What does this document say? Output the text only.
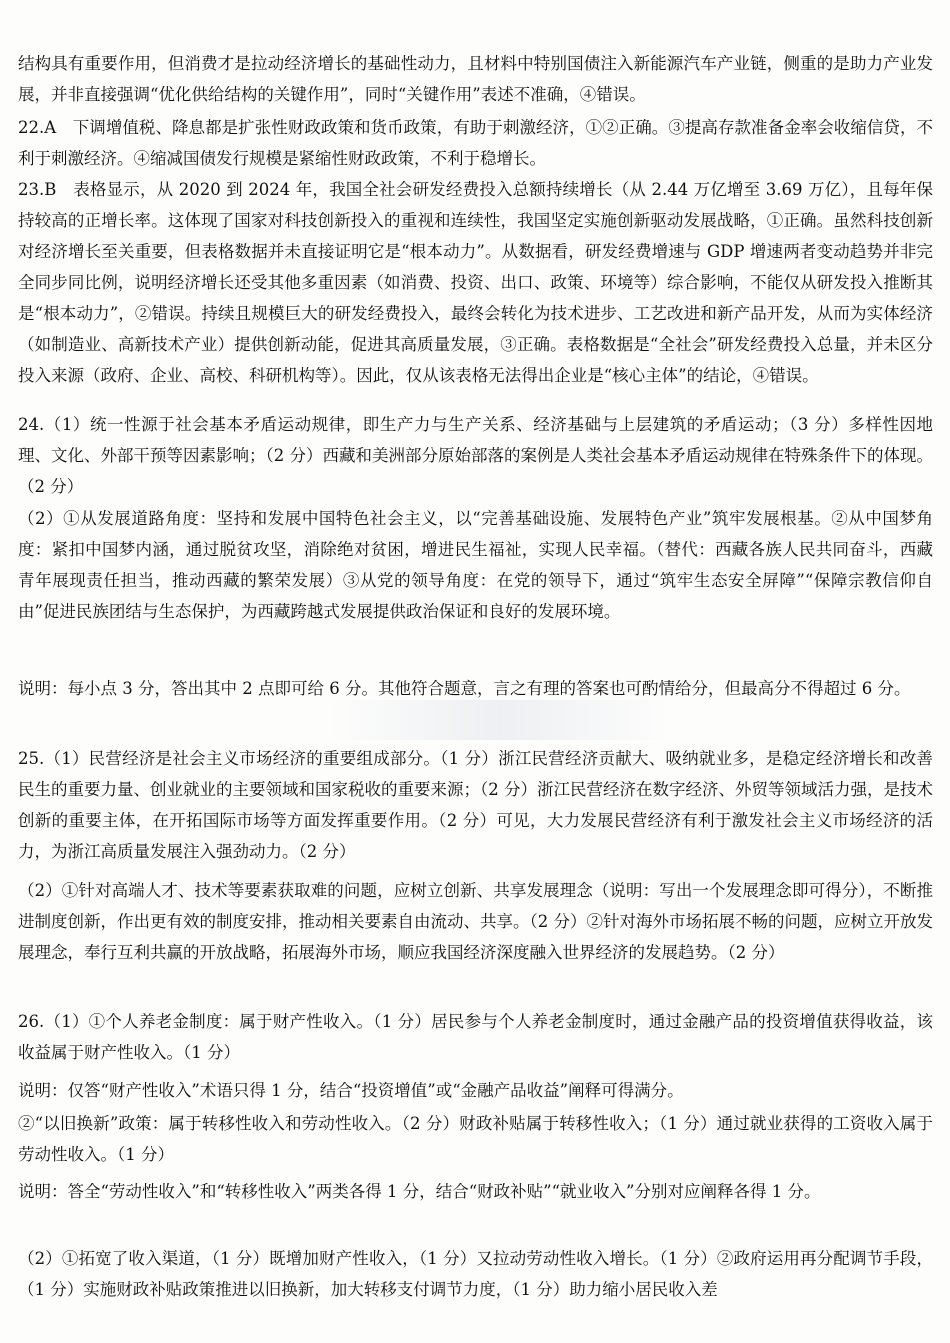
结构具有重要作用，但消费才是拉动经济增长的基础性动力，且材料中特别国债注入新能源汽车产业链，侧重的是助力产业发展，并非直接强调“优化供给结构的关键作用”，同时“关键作用”表述不准确，④错误。

22.A　下调增值税、降息都是扩张性财政政策和货币政策，有助于刺激经济，①②正确。③提高存款准备金率会收缩信贷，不利于刺激经济。④缩减国债发行规模是紧缩性财政政策，不利于稳增长。

23.B　表格显示，从 2020 到 2024 年，我国全社会研发经费投入总额持续增长（从 2.44 万亿增至 3.69 万亿），且每年保持较高的正增长率。这体现了国家对科技创新投入的重视和连续性，我国坚定实施创新驱动发展战略，①正确。虽然科技创新对经济增长至关重要，但表格数据并未直接证明它是“根本动力”。从数据看，研发经费增速与 GDP 增速两者变动趋势并非完全同步同比例，说明经济增长还受其他多重因素（如消费、投资、出口、政策、环境等）综合影响，不能仅从研发投入推断其是“根本动力”，②错误。持续且规模巨大的研发经费投入，最终会转化为技术进步、工艺改进和新产品开发，从而为实体经济（如制造业、高新技术产业）提供创新动能，促进其高质量发展，③正确。表格数据是“全社会”研发经费投入总量，并未区分投入来源（政府、企业、高校、科研机构等）。因此，仅从该表格无法得出企业是“核心主体”的结论，④错误。

24.（1）统一性源于社会基本矛盾运动规律，即生产力与生产关系、经济基础与上层建筑的矛盾运动；（3 分）多样性因地理、文化、外部干预等因素影响；（2 分）西藏和美洲部分原始部落的案例是人类社会基本矛盾运动规律在特殊条件下的体现。（2 分）

（2）①从发展道路角度：坚持和发展中国特色社会主义，以“完善基础设施、发展特色产业”筑牢发展根基。②从中国梦角度：紧扣中国梦内涵，通过脱贫攻坚，消除绝对贫困，增进民生福祉，实现人民幸福。（替代：西藏各族人民共同奋斗，西藏青年展现责任担当，推动西藏的繁荣发展）③从党的领导角度：在党的领导下，通过“筑牢生态安全屏障”“保障宗教信仰自由”促进民族团结与生态保护，为西藏跨越式发展提供政治保证和良好的发展环境。

说明：每小点 3 分，答出其中 2 点即可给 6 分。其他符合题意，言之有理的答案也可酌情给分，但最高分不得超过 6 分。

25.（1）民营经济是社会主义市场经济的重要组成部分。（1 分）浙江民营经济贡献大、吸纳就业多，是稳定经济增长和改善民生的重要力量、创业就业的主要领域和国家税收的重要来源；（2 分）浙江民营经济在数字经济、外贸等领域活力强，是技术创新的重要主体，在开拓国际市场等方面发挥重要作用。（2 分）可见，大力发展民营经济有利于激发社会主义市场经济的活力，为浙江高质量发展注入强劲动力。（2 分）

（2）①针对高端人才、技术等要素获取难的问题，应树立创新、共享发展理念（说明：写出一个发展理念即可得分），不断推进制度创新，作出更有效的制度安排，推动相关要素自由流动、共享。（2 分）②针对海外市场拓展不畅的问题，应树立开放发展理念，奉行互利共赢的开放战略，拓展海外市场，顺应我国经济深度融入世界经济的发展趋势。（2 分）

26.（1）①个人养老金制度：属于财产性收入。（1 分）居民参与个人养老金制度时，通过金融产品的投资增值获得收益，该收益属于财产性收入。（1 分）

说明：仅答“财产性收入”术语只得 1 分，结合“投资增值”或“金融产品收益”阐释可得满分。

②“以旧换新”政策：属于转移性收入和劳动性收入。（2 分）财政补贴属于转移性收入；（1 分）通过就业获得的工资收入属于劳动性收入。（1 分）

说明：答全“劳动性收入”和“转移性收入”两类各得 1 分，结合“财政补贴”“就业收入”分别对应阐释各得 1 分。

（2）①拓宽了收入渠道，（1 分）既增加财产性收入，（1 分）又拉动劳动性收入增长。（1 分）②政府运用再分配调节手段，（1 分）实施财政补贴政策推进以旧换新，加大转移支付调节力度，（1 分）助力缩小居民收入差
